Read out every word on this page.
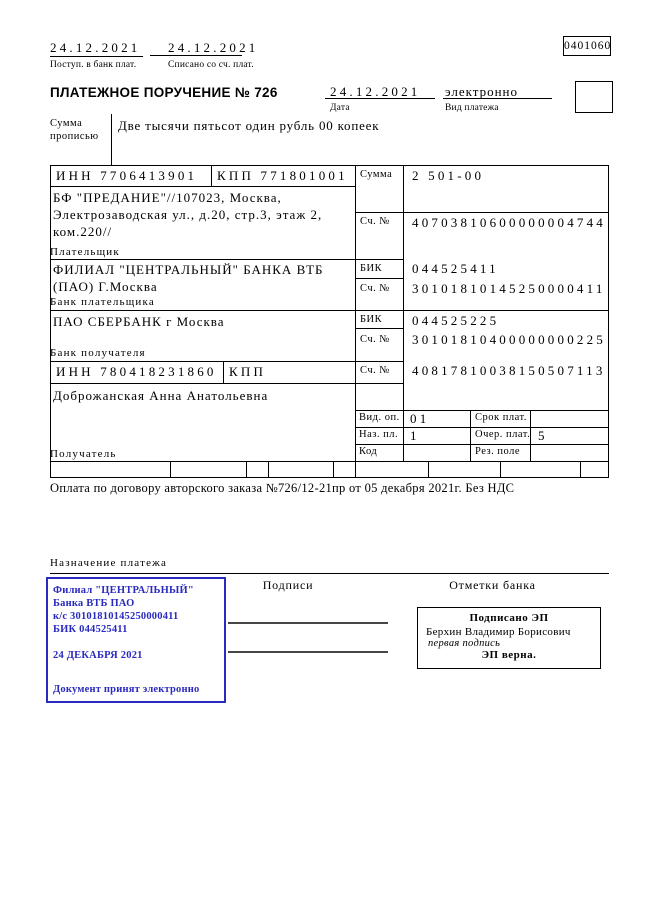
24.12.2021
Поступ. в банк плат.
24.12.2021
Списано со сч. плат.
0401060
ПЛАТЕЖНОЕ ПОРУЧЕНИЕ № 726	24.12.2021
Дата
электронно
Вид платежа
Сумма прописью
Две тысячи пятьсот один рубль 00 копеек
ИНН 7706413901 КПП 771801001 Сумма 2 501-00
БФ "ПРЕДАНИЕ"//107023, Москва, Электрозаводская ул., д.20, стр.3, этаж 2, ком.220//
Плательщик
Сч. № 40703810600000004744
ФИЛИАЛ "ЦЕНТРАЛЬНЫЙ" БАНКА ВТБ (ПАО) Г.Москва
Банк плательщика
БИК 044525411
Сч. № 30101810145250000411
ПАО СБЕРБАНК г Москва
Банк получателя
БИК 044525225
Сч. № 30101810400000000225
ИНН 780418231860 КПП	Сч. № 40817810038150507113
Доброжанская Анна Анатольевна
Получатель
Вид. оп. 01	Срок плат.
Наз. пл. 1	Очер. плат. 5
Код	Рез. поле
Оплата по договору авторского заказа №726/12-21пр от 05 декабря 2021г. Без НДС
Назначение платежа
Подписи	Отметки банка
Филиал "ЦЕНТРАЛЬНЫЙ" Банка ВТБ ПАО
к/с 30101810145250000411
БИК 044525411
24 ДЕКАБРЯ 2021
Документ принят электронно
Подписано ЭП
Берхин Владимир Борисович
первая подпись
ЭП верна.
